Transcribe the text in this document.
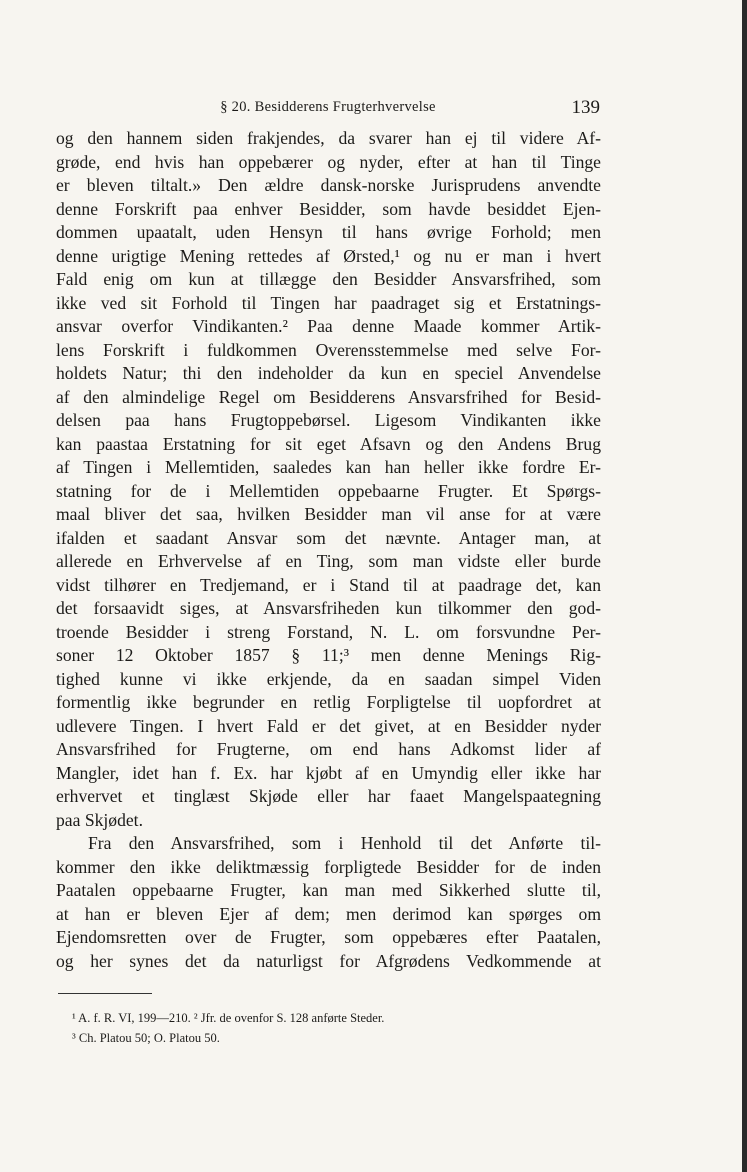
§ 20. Besidderens Frugterhvervelse	139
og den hannem siden frakjendes, da svarer han ej til videre Af-
grøde, end hvis han oppebærer og nyder, efter at han til Tinge
er bleven tiltalt.» Den ældre dansk-norske Jurisprudens anvendte
denne Forskrift paa enhver Besidder, som havde besiddet Ejen-
dommen upaatalt, uden Hensyn til hans øvrige Forhold; men
denne urigtige Mening rettedes af Ørsted,¹ og nu er man i hvert
Fald enig om kun at tillægge den Besidder Ansvarsfrihed, som
ikke ved sit Forhold til Tingen har paadraget sig et Erstatnings-
ansvar overfor Vindikanten.² Paa denne Maade kommer Artik-
lens Forskrift i fuldkommen Overensstemmelse med selve For-
holdets Natur; thi den indeholder da kun en speciel Anvendelse
af den almindelige Regel om Besidderens Ansvarsfrihed for Besid-
delsen paa hans Frugtoppebørsel. Ligesom Vindikanten ikke
kan paastaa Erstatning for sit eget Afsavn og den Andens Brug
af Tingen i Mellemtiden, saaledes kan han heller ikke fordre Er-
statning for de i Mellemtiden oppebaarne Frugter. Et Spørgs-
maal bliver det saa, hvilken Besidder man vil anse for at være
ifalden et saadant Ansvar som det nævnte. Antager man, at
allerede en Erhvervelse af en Ting, som man vidste eller burde
vidst tilhører en Tredjemand, er i Stand til at paadrage det, kan
det forsaavidt siges, at Ansvarsfriheden kun tilkommer den god-
troende Besidder i streng Forstand, N. L. om forsvundne Per-
soner 12 Oktober 1857 § 11;³ men denne Menings Rig-
tighed kunne vi ikke erkjende, da en saadan simpel Viden
formentlig ikke begrunder en retlig Forpligtelse til uopfordret at
udlevere Tingen. I hvert Fald er det givet, at en Besidder nyder
Ansvarsfrihed for Frugterne, om end hans Adkomst lider af
Mangler, idet han f. Ex. har kjøbt af en Umyndig eller ikke har
erhvervet et tinglæst Skjøde eller har faaet Mangelspaategning
paa Skjødet.
Fra den Ansvarsfrihed, som i Henhold til det Anførte til-
kommer den ikke deliktmæssig forpligtede Besidder for de inden
Paatalen oppebaarne Frugter, kan man med Sikkerhed slutte til,
at han er bleven Ejer af dem; men derimod kan spørges om
Ejendomsretten over de Frugter, som oppebæres efter Paatalen,
og her synes det da naturligst for Afgrødens Vedkommende at
¹ A. f. R. VI, 199—210. ² Jfr. de ovenfor S. 128 anførte Steder.
³ Ch. Platou 50; O. Platou 50.
